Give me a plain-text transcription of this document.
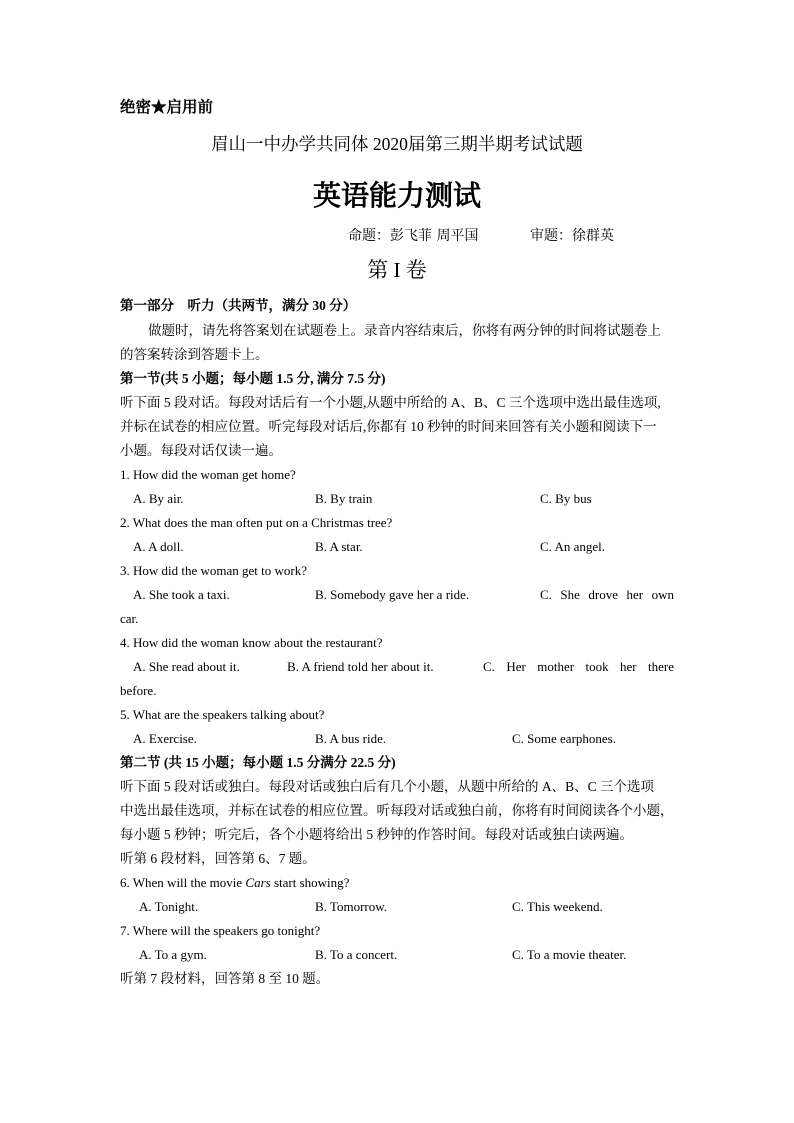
绝密★启用前
眉山一中办学共同体 2020届第三期半期考试试题
英语能力测试
命题：彭飞菲 周平国	审题：徐群英
第 I 卷
第一部分　听力（共两节，满分 30 分）
做题时，请先将答案划在试题卷上。录音内容结束后，你将有两分钟的时间将试题卷上
的答案转涂到答题卡上。
第一节(共 5 小题；每小题 1.5 分, 满分 7.5 分)
听下面 5 段对话。每段对话后有一个小题,从题中所给的 A、B、C 三个选项中选出最佳选项,
并标在试卷的相应位置。听完每段对话后,你都有 10 秒钟的时间来回答有关小题和阅读下一
小题。每段对话仅读一遍。
1. How did the woman get home?
A. By air.	B. By train	C. By bus
2. What does the man often put on a Christmas tree?
A. A doll.	B. A star.	C. An angel.
3. How did the woman get to work?
A. She took a taxi.	B. Somebody gave her a ride.	C. She drove her own
car.
4. How did the woman know about the restaurant?
A. She read about it.	B. A friend told her about it.	C. Her mother took her there
before.
5. What are the speakers talking about?
A. Exercise.	B. A bus ride.	C. Some earphones.
第二节 (共 15 小题；每小题 1.5 分满分 22.5 分)
听下面 5 段对话或独白。每段对话或独白后有几个小题，从题中所给的 A、B、C 三个选项
中选出最佳选项，并标在试卷的相应位置。听每段对话或独白前，你将有时间阅读各个小题，
每小题 5 秒钟；听完后，各个小题将给出 5 秒钟的作答时间。每段对话或独白读两遍。
听第 6 段材料，回答第 6、7 题。
6. When will the movie Cars start showing?
A. Tonight.	B. Tomorrow.	C. This weekend.
7. Where will the speakers go tonight?
A. To a gym.	B. To a concert.	C. To a movie theater.
听第 7 段材料，回答第 8 至 10 题。
